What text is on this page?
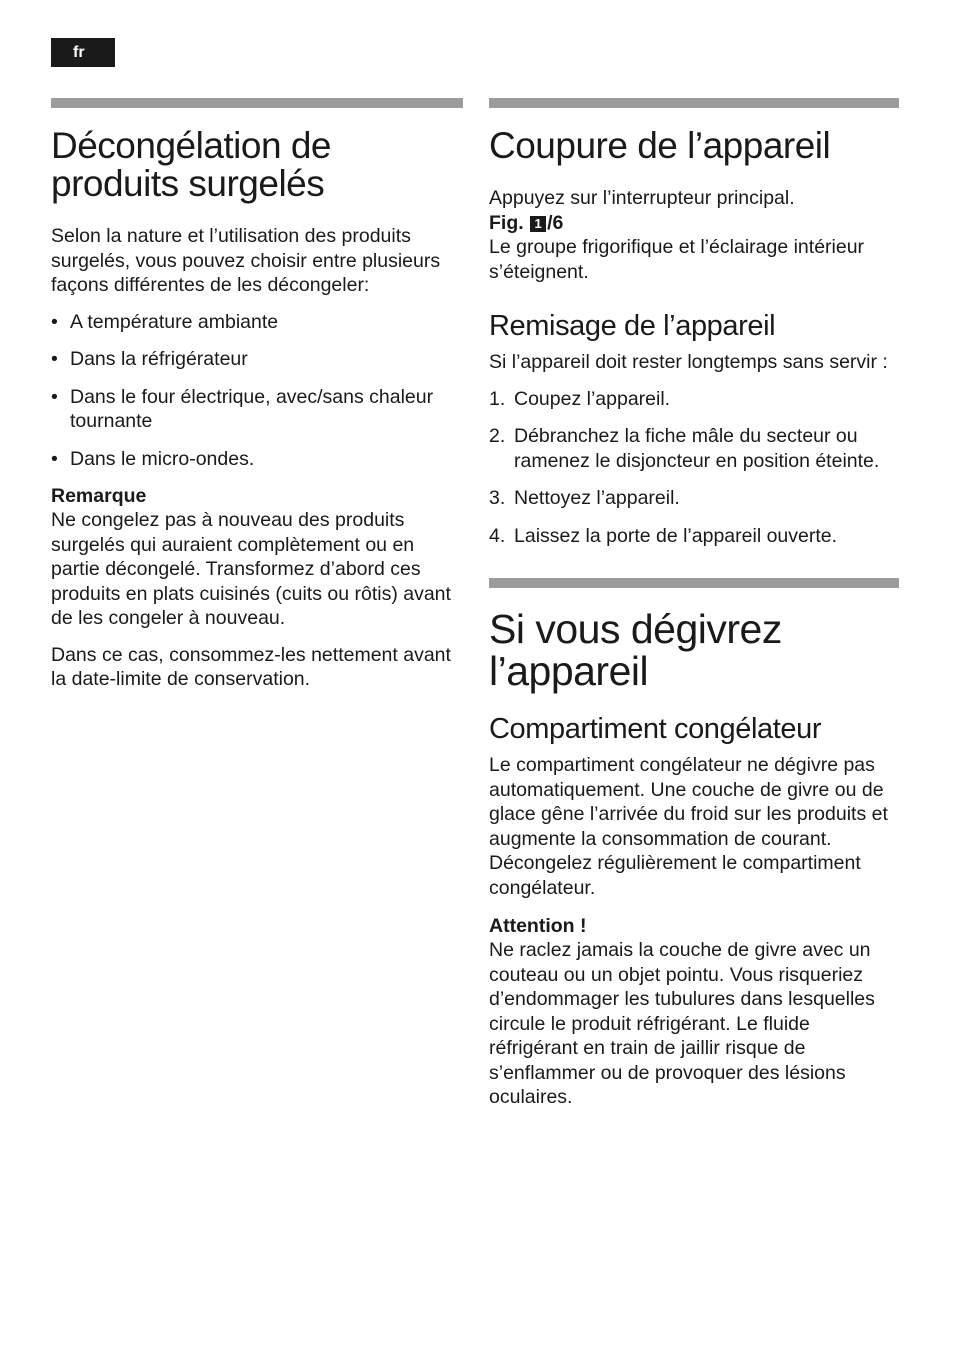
fr
Décongélation de produits surgelés

Selon la nature et l’utilisation des produits surgelés, vous pouvez choisir entre plusieurs façons différentes de les décongeler:

• A température ambiante
• Dans la réfrigérateur
• Dans le four électrique, avec/sans chaleur tournante
• Dans le micro-ondes.
Remarque

Ne congelez pas à nouveau des produits surgelés qui auraient complètement ou en partie décongelé. Transformez d’abord ces produits en plats cuisinés (cuits ou rôtis) avant de les congeler à nouveau.

Dans ce cas, consommez-les nettement avant la date-limite de conservation.

Coupure de l’appareil

Appuyez sur l’interrupteur principal.
Fig. 1 /6
Le groupe frigorifique et l’éclairage intérieur s’éteignent.

Remisage de l’appareil

Si l’appareil doit rester longtemps sans servir :

1. Coupez l’appareil.
2. Débranchez la fiche mâle du secteur ou ramenez le disjoncteur en position éteinte.
3. Nettoyez l’appareil.
4. Laissez la porte de l’appareil ouverte.
Si vous dégivrez l’appareil
Compartiment congélateur

Le compartiment congélateur ne dégivre pas automatiquement. Une couche de givre ou de glace gêne l’arrivée du froid sur les produits et augmente la consommation de courant. Décongelez régulièrement le compartiment congélateur.

Attention !

Ne raclez jamais la couche de givre avec un couteau ou un objet pointu. Vous risqueriez d’endommager les tubulures dans lesquelles circule le produit réfrigérant. Le fluide réfrigérant en train de jaillir risque de s’enflammer ou de provoquer des lésions oculaires.
